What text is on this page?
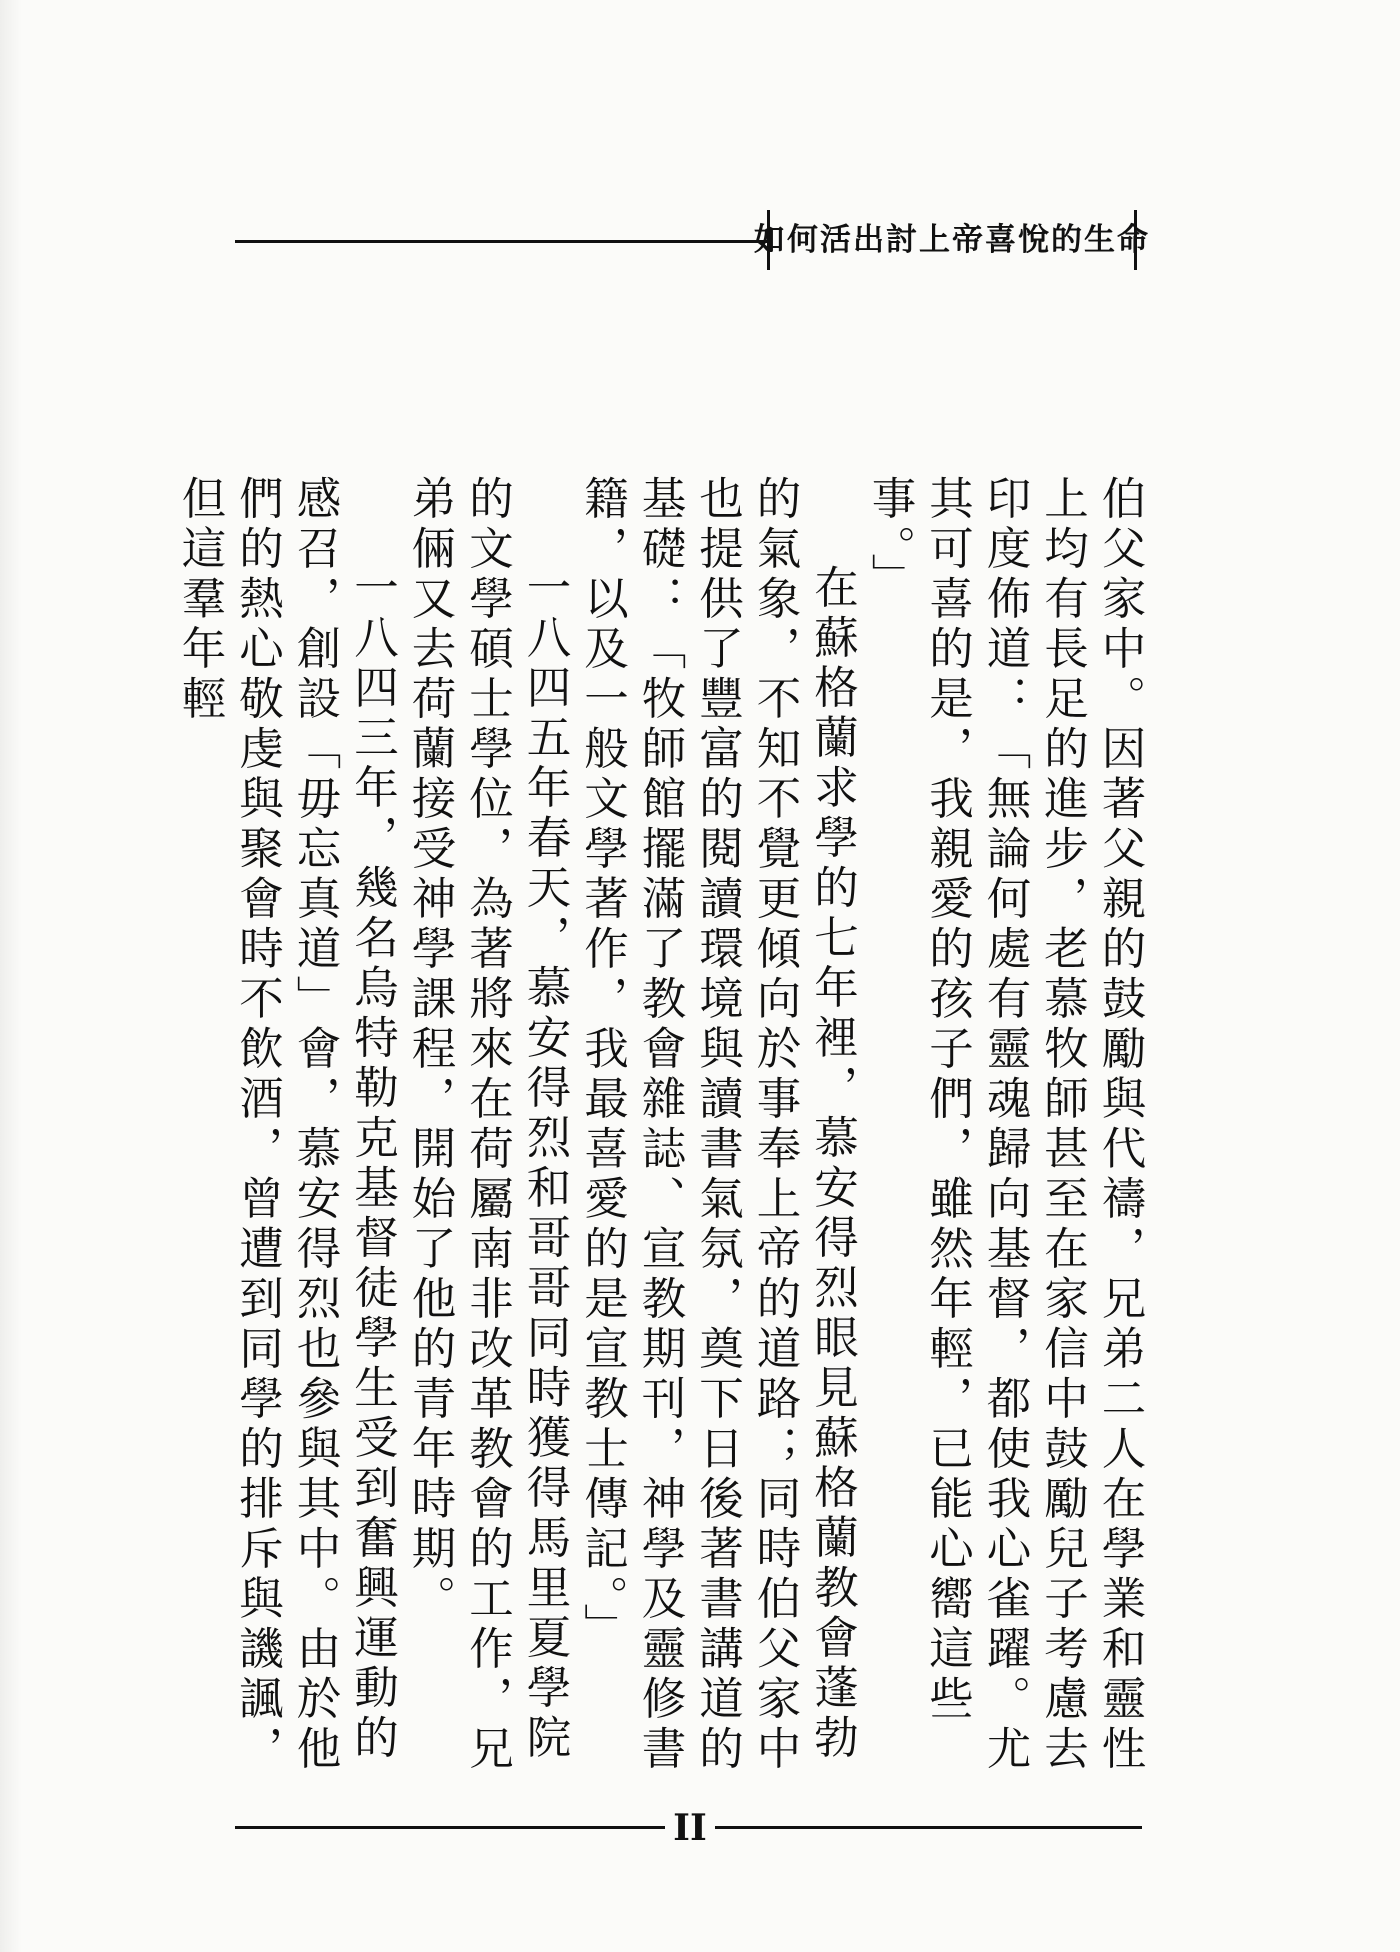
如何活出討上帝喜悅的生命

伯父家中。因著父親的鼓勵與代禱，兄弟二人在學業和靈性上均有長足的進步，老慕牧師甚至在家信中鼓勵兒子考慮去印度佈道：「無論何處有靈魂歸向基督，都使我心雀躍。尤其可喜的是，我親愛的孩子們，雖然年輕，已能心嚮這些事。」

在蘇格蘭求學的七年裡，慕安得烈眼見蘇格蘭教會蓬勃的氣象，不知不覺更傾向於事奉上帝的道路；同時伯父家中也提供了豐富的閱讀環境與讀書氣氛，奠下日後著書講道的基礎：「牧師館擺滿了教會雜誌、宣教期刊，神學及靈修書籍，以及一般文學著作，我最喜愛的是宣教士傳記。」

一八四五年春天，慕安得烈和哥哥同時獲得馬里夏學院的文學碩士學位，為著將來在荷屬南非改革教會的工作，兄弟倆又去荷蘭接受神學課程，開始了他的青年時期。

一八四三年，幾名烏特勒克基督徒學生受到奮興運動的感召，創設「毋忘真道」會，慕安得烈也參與其中。由於他們的熱心敬虔與聚會時不飲酒，曾遭到同學的排斥與譏諷，但這羣年輕

II
